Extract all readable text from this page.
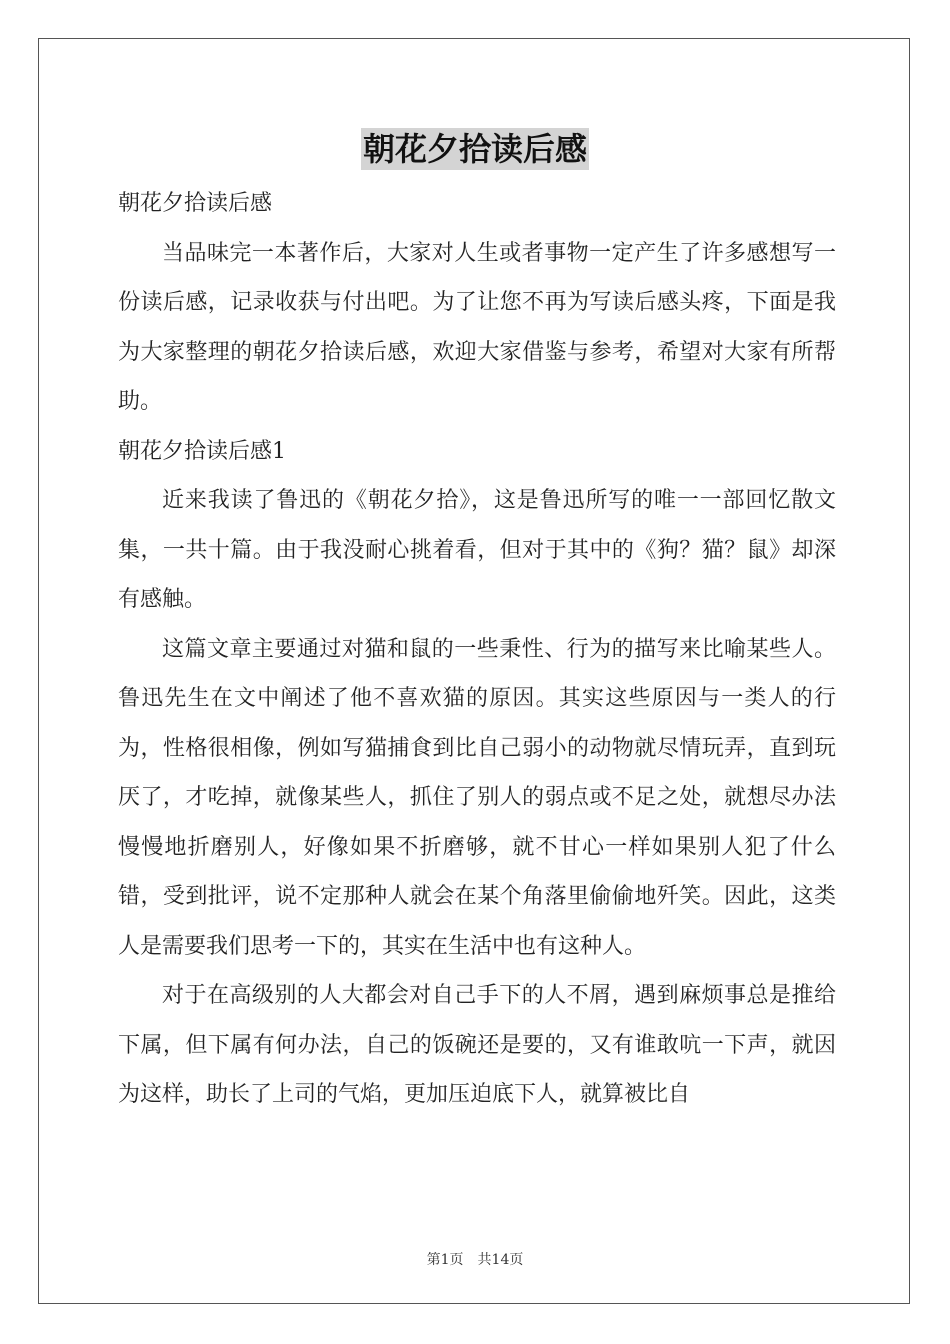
朝花夕拾读后感

朝花夕拾读后感

当品味完一本著作后，大家对人生或者事物一定产生了许多感想写一份读后感，记录收获与付出吧。为了让您不再为写读后感头疼，下面是我为大家整理的朝花夕拾读后感，欢迎大家借鉴与参考，希望对大家有所帮助。

朝花夕拾读后感1

近来我读了鲁迅的《朝花夕拾》，这是鲁迅所写的唯一一部回忆散文集，一共十篇。由于我没耐心挑着看，但对于其中的《狗？猫？鼠》却深有感触。

这篇文章主要通过对猫和鼠的一些秉性、行为的描写来比喻某些人。鲁迅先生在文中阐述了他不喜欢猫的原因。其实这些原因与一类人的行为，性格很相像，例如写猫捕食到比自己弱小的动物就尽情玩弄，直到玩厌了，才吃掉，就像某些人，抓住了别人的弱点或不足之处，就想尽办法慢慢地折磨别人，好像如果不折磨够，就不甘心一样如果别人犯了什么错，受到批评，说不定那种人就会在某个角落里偷偷地歼笑。因此，这类人是需要我们思考一下的，其实在生活中也有这种人。

对于在高级别的人大都会对自己手下的人不屑，遇到麻烦事总是推给下属，但下属有何办法，自己的饭碗还是要的，又有谁敢吭一下声，就因为这样，助长了上司的气焰，更加压迫底下人，就算被比自

第1页　共14页
